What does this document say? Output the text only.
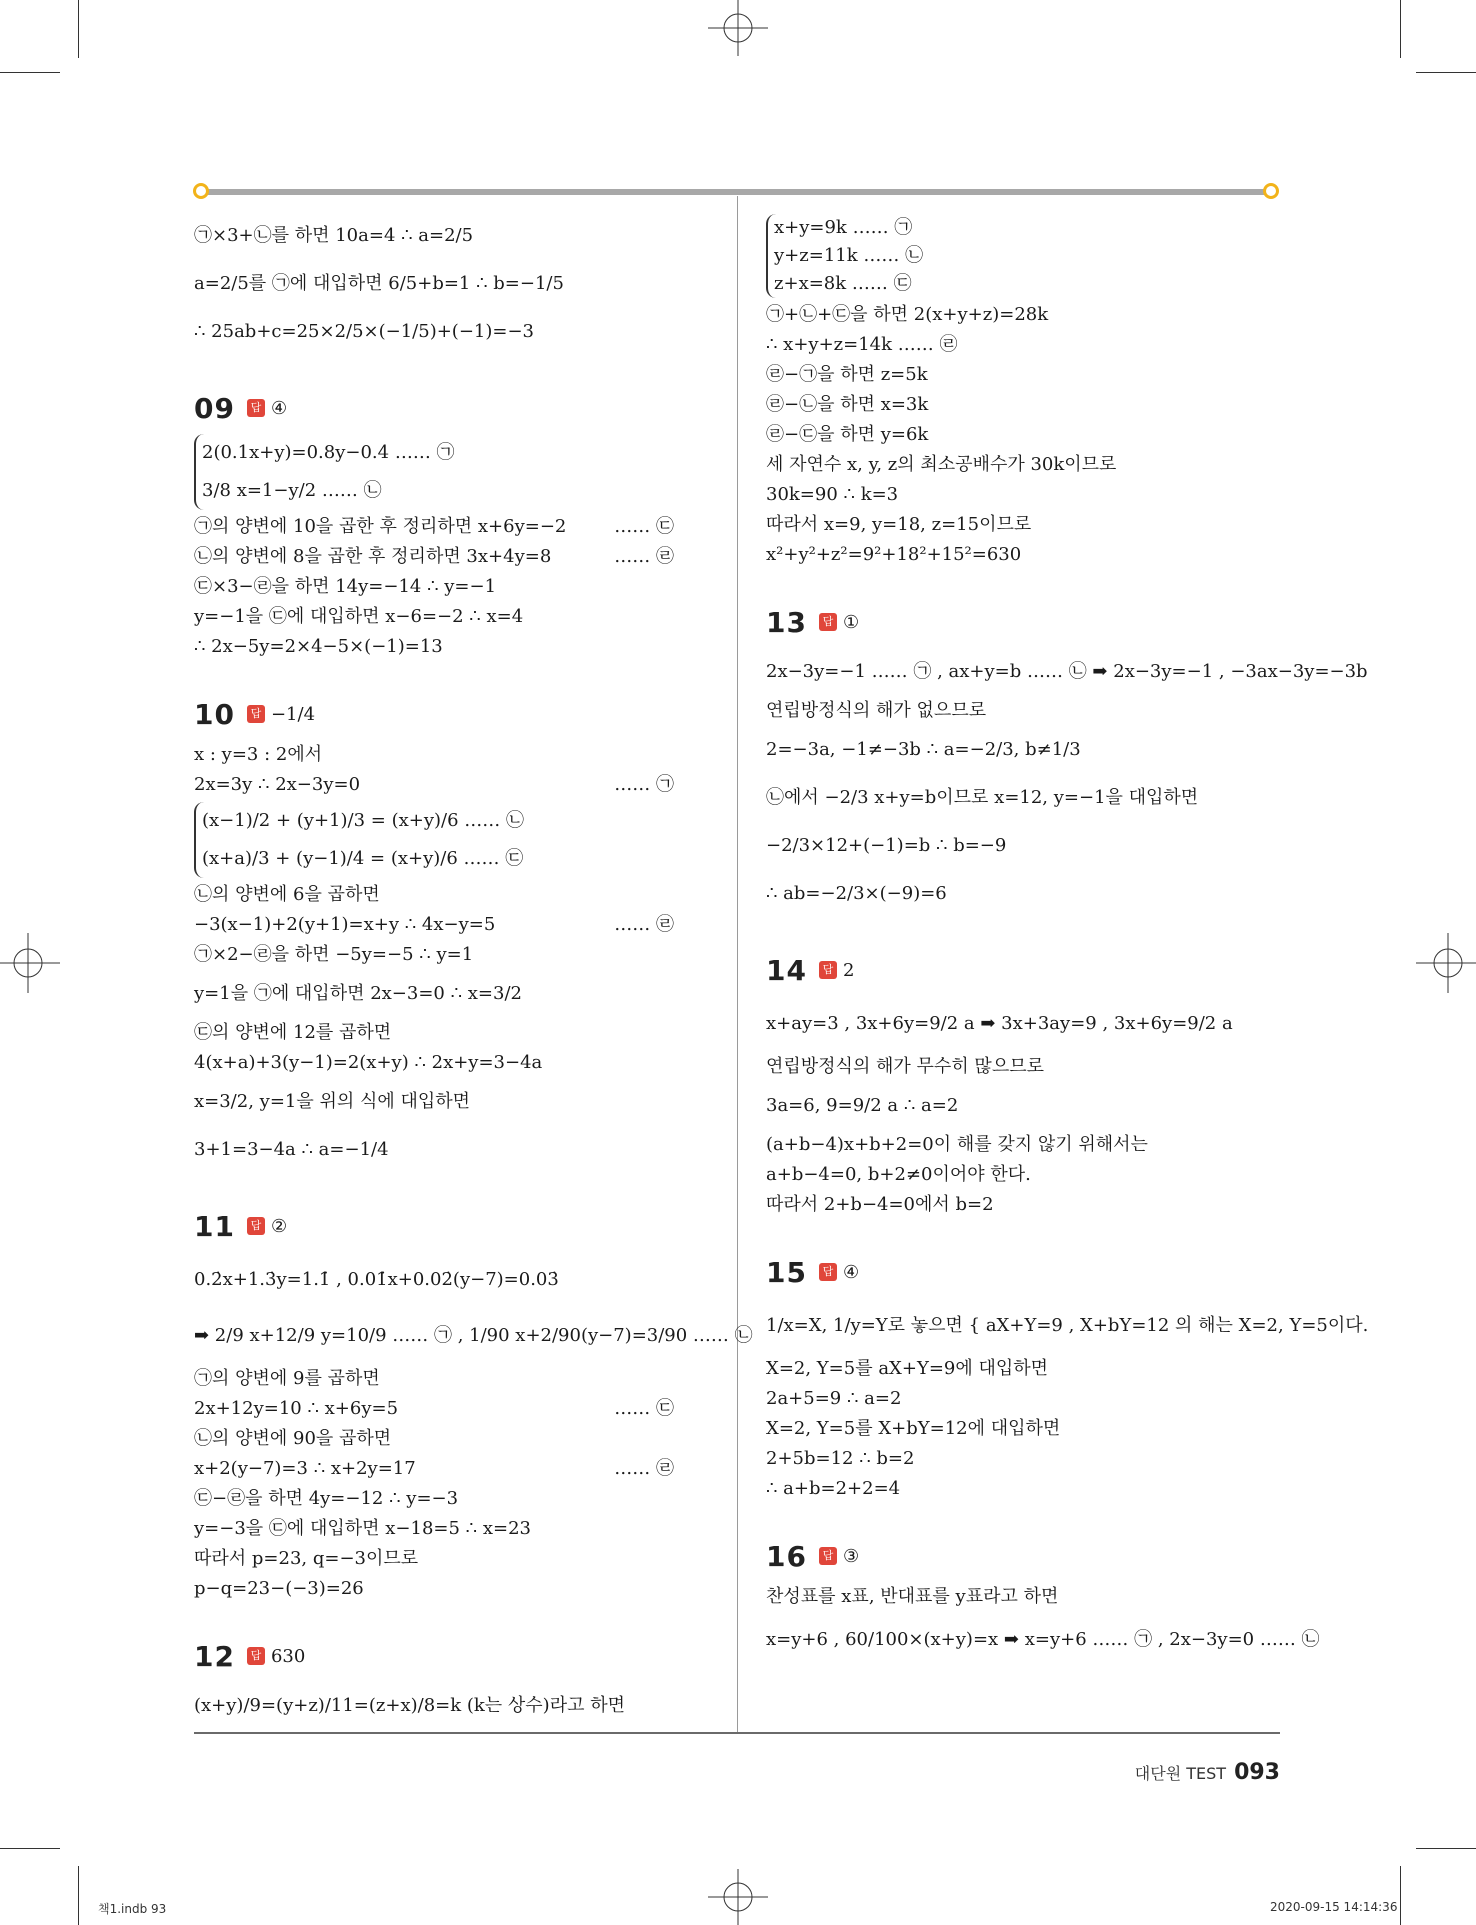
㉠×3+㉡를 하면 10a=4 ∴ a=2/5
a=2/5를 ㉠에 대입하면 6/5+b=1 ∴ b=−1/5
∴ 25ab+c=25×2/5×(−1/5)+(−1)=−3
09	답 ④
2(0.1x+y)=0.8y−0.4 …… ㉠
3/8 x=1−y/2 …… ㉡
㉠의 양변에 10을 곱한 후 정리하면 x+6y=−2	…… ㉢
㉡의 양변에 8을 곱한 후 정리하면 3x+4y=8	…… ㉣
㉢×3−㉣을 하면 14y=−14 ∴ y=−1
y=−1을 ㉢에 대입하면 x−6=−2 ∴ x=4
∴ 2x−5y=2×4−5×(−1)=13
10	답 −1/4
x : y=3 : 2에서
2x=3y ∴ 2x−3y=0	…… ㉠
(x−1)/2 + (y+1)/3 = (x+y)/6 …… ㉡
(x+a)/3 + (y−1)/4 = (x+y)/6 …… ㉢
㉡의 양변에 6을 곱하면
−3(x−1)+2(y+1)=x+y ∴ 4x−y=5	…… ㉣
㉠×2−㉣을 하면 −5y=−5 ∴ y=1
y=1을 ㉠에 대입하면 2x−3=0 ∴ x=3/2
㉢의 양변에 12를 곱하면
4(x+a)+3(y−1)=2(x+y) ∴ 2x+y=3−4a
x=3/2, y=1을 위의 식에 대입하면
3+1=3−4a ∴ a=−1/4
11	답 ②
0.2̇x+1.3̇y=1.1̇ , 0.01̇x+0.02̇(y−7)=0.03̇
➡ 2/9 x+12/9 y=10/9 …… ㉠ , 1/90 x+2/90(y−7)=3/90 …… ㉡
㉠의 양변에 9를 곱하면
2x+12y=10 ∴ x+6y=5	…… ㉢
㉡의 양변에 90을 곱하면
x+2(y−7)=3 ∴ x+2y=17	…… ㉣
㉢−㉣을 하면 4y=−12 ∴ y=−3
y=−3을 ㉢에 대입하면 x−18=5 ∴ x=23
따라서 p=23, q=−3이므로
p−q=23−(−3)=26
12	답 630
(x+y)/9=(y+z)/11=(z+x)/8=k (k는 상수)라고 하면
x+y=9k …… ㉠
y+z=11k …… ㉡
z+x=8k …… ㉢
㉠+㉡+㉢을 하면 2(x+y+z)=28k
∴ x+y+z=14k …… ㉣
㉣−㉠을 하면 z=5k
㉣−㉡을 하면 x=3k
㉣−㉢을 하면 y=6k
세 자연수 x, y, z의 최소공배수가 30k이므로
30k=90 ∴ k=3
따라서 x=9, y=18, z=15이므로
x²+y²+z²=9²+18²+15²=630
13	답 ①
2x−3y=−1 …… ㉠ , ax+y=b …… ㉡ ➡ 2x−3y=−1 , −3ax−3y=−3b
연립방정식의 해가 없으므로
2=−3a, −1≠−3b ∴ a=−2/3, b≠1/3
㉡에서 −2/3 x+y=b이므로 x=12, y=−1을 대입하면
−2/3×12+(−1)=b ∴ b=−9
∴ ab=−2/3×(−9)=6
14	답 2
x+ay=3 , 3x+6y=9/2 a ➡ 3x+3ay=9 , 3x+6y=9/2 a
연립방정식의 해가 무수히 많으므로
3a=6, 9=9/2 a ∴ a=2
(a+b−4)x+b+2=0이 해를 갖지 않기 위해서는
a+b−4=0, b+2≠0이어야 한다.
따라서 2+b−4=0에서 b=2
15	답 ④
1/x=X, 1/y=Y로 놓으면 { aX+Y=9 , X+bY=12 의 해는 X=2, Y=5이다.
X=2, Y=5를 aX+Y=9에 대입하면
2a+5=9 ∴ a=2
X=2, Y=5를 X+bY=12에 대입하면
2+5b=12 ∴ b=2
∴ a+b=2+2=4
16	답 ③
찬성표를 x표, 반대표를 y표라고 하면
x=y+6 , 60/100×(x+y)=x ➡ x=y+6 …… ㉠ , 2x−3y=0 …… ㉡
대단원 TEST 093
책1.indb 93	2020-09-15 14:14:36
